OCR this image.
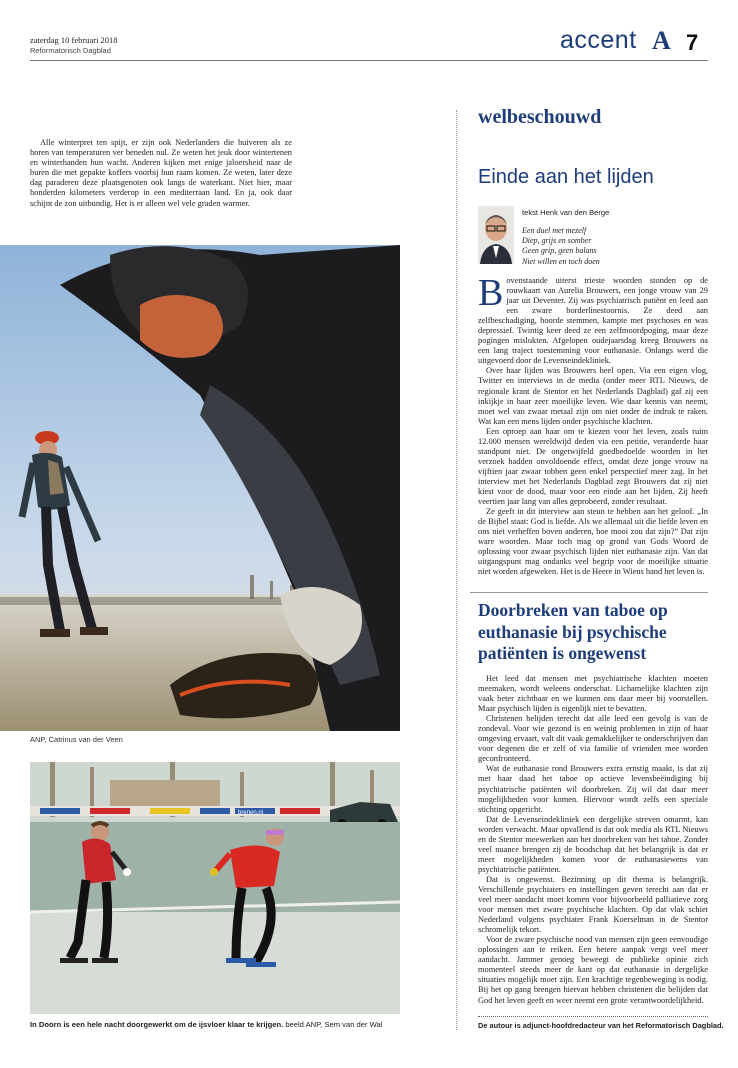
zaterdag 10 februari 2018
Reformatorisch Dagblad	accent A 7
Alle winterpret ten spijt, er zijn ook Nederlanders die huiveren als ze horen van temperaturen ver beneden nul. Ze weten het jeuk door wintertenen en winterhanden hun wacht. Anderen kijken met enige jaloersheid naar de buren die met gepakte koffers voorbij hun raam komen. Ze weten, later deze dag paraderen deze plaatsgenoten ook langs de waterkant. Niet hier, maar honderden kilometers verderop in een mediterraan land. En ja, ook daar schijnt de zon uitbundig. Het is er alleen wel vele graden warmer.
ANP, Catrinus van der Veen
brenen.nl
In Doorn is een hele nacht doorgewerkt om de ijsvloer klaar te krijgen. beeld ANP, Sem van der Wal
welbeschouwd
Einde aan het lijden
tekst Henk van den Berge
Een duel met mezelf
Diep, grijs en somber
Geen grip, geen balans
Niet willen en toch doen

Bovenstaande uiterst trieste woorden stonden op de rouwkaart van Aurelia Brouwers, een jonge vrouw van 29 jaar uit Deventer. Zij was psychiatrisch patiënt en leed aan een zware borderlinestoornis. Ze deed aan zelfbeschadiging, hoorde stemmen, kampte met psychoses en was depressief. Twintig keer deed ze een zelfmoordpoging, maar deze pogingen mislukten. Afgelopen oudejaarsdag kreeg Brouwers na een lang traject toestemming voor euthanasie. Onlangs werd die uitgevoerd door de Levenseindekliniek.

Over haar lijden was Brouwers heel open. Via een eigen vlog, Twitter en interviews in de media (onder meer RTL Nieuws, de regionale krant de Stentor en het Nederlands Dagblad) gaf zij een inkijkje in haar zeer moeilijke leven. Wie daar kennis van neemt, moet wel van zwaar metaal zijn om niet onder de indruk te raken. Wat kan een mens lijden onder psychische klachten.

Een oproep aan haar om te kiezen voor het leven, zoals ruim 12.000 mensen wereldwijd deden via een petitie, veranderde haar standpunt niet. De ongetwijfeld goedbedoelde woorden in het verzoek hadden onvoldoende effect, omdat deze jonge vrouw na vijftien jaar zwaar tobben geen enkel perspectief meer zag. In het interview met het Nederlands Dagblad zegt Brouwers dat zij niet kiest voor de dood, maar voor een einde aan het lijden. Zij heeft veertien jaar lang van alles geprobeerd, zonder resultaat.

Ze geeft in dit interview aan steun te hebben aan het geloof. „In de Bijbel staat: God is liefde. Als we allemaal uit die liefde leven en ons niet verheffen boven anderen, hoe mooi zou dat zijn?” Dat zijn ware woorden. Maar toch mag op grond van Gods Woord de oplossing voor zwaar psychisch lijden niet euthanasie zijn. Van dat uitgangspunt mag ondanks veel begrip voor de moeilijke situatie niet worden afgeweken. Het is de Heere in Wiens hand het leven is.

Doorbreken van taboe op euthanasie bij psychische patiënten is ongewenst

Het leed dat mensen met psychiatrische klachten moeten meemaken, wordt weleens onderschat. Lichamelijke klachten zijn vaak beter zichtbaar en we kunnen ons daar meer bij voorstellen. Maar psychisch lijden is eigenlijk niet te bevatten.

Christenen belijden terecht dat alle leed een gevolg is van de zondeval. Voor wie gezond is en weinig problemen in zijn of haar omgeving ervaart, valt dit vaak gemakkelijker te onderschrijven dan voor degenen die er zelf of via familie of vrienden mee worden geconfronteerd.

Wat de euthanasie rond Brouwers extra ernstig maakt, is dat zij met haar daad het taboe op actieve levensbeëindiging bij psychiatrische patiënten wil doorbreken. Zij wil dat daar meer mogelijkheden voor komen. Hiervoor wordt zelfs een speciale stichting opgericht.

Dat de Levenseindekliniek een dergelijke streven omarmt, kan worden verwacht. Maar opvallend is dat ook media als RTL Nieuws en de Stentor meewerken aan het doorbreken van het taboe. Zonder veel nuance brengen zij de boodschap dat het belangrijk is dat er meer mogelijkheden komen voor de euthanasiewens van psychiatrische patiënten.

Dat is ongewenst. Bezinning op dit thema is belangrijk. Verschillende psychiaters en instellingen geven terecht aan dat er veel meer aandacht moet komen voor bijvoorbeeld palliatieve zorg voor mensen met zware psychische klachten. Op dat vlak schiet Nederland volgens psychiater Frank Koerselman in de Stentor schromelijk tekort.

Voor de zware psychische nood van mensen zijn geen eenvoudige oplossingen aan te reiken. Een betere aanpak vergt veel meer aandacht. Jammer genoeg beweegt de publieke opinie zich momenteel steeds meer de kant op dat euthanasie in dergelijke situaties mogelijk moet zijn. Een krachtige tegenbeweging is nodig. Bij het op gang brengen hiervan hebben christenen die belijden dat God het leven geeft en weer neemt een grote verantwoordelijkheid.

De autour is adjunct-hoofdredacteur van het Reformatorisch Dagblad.
